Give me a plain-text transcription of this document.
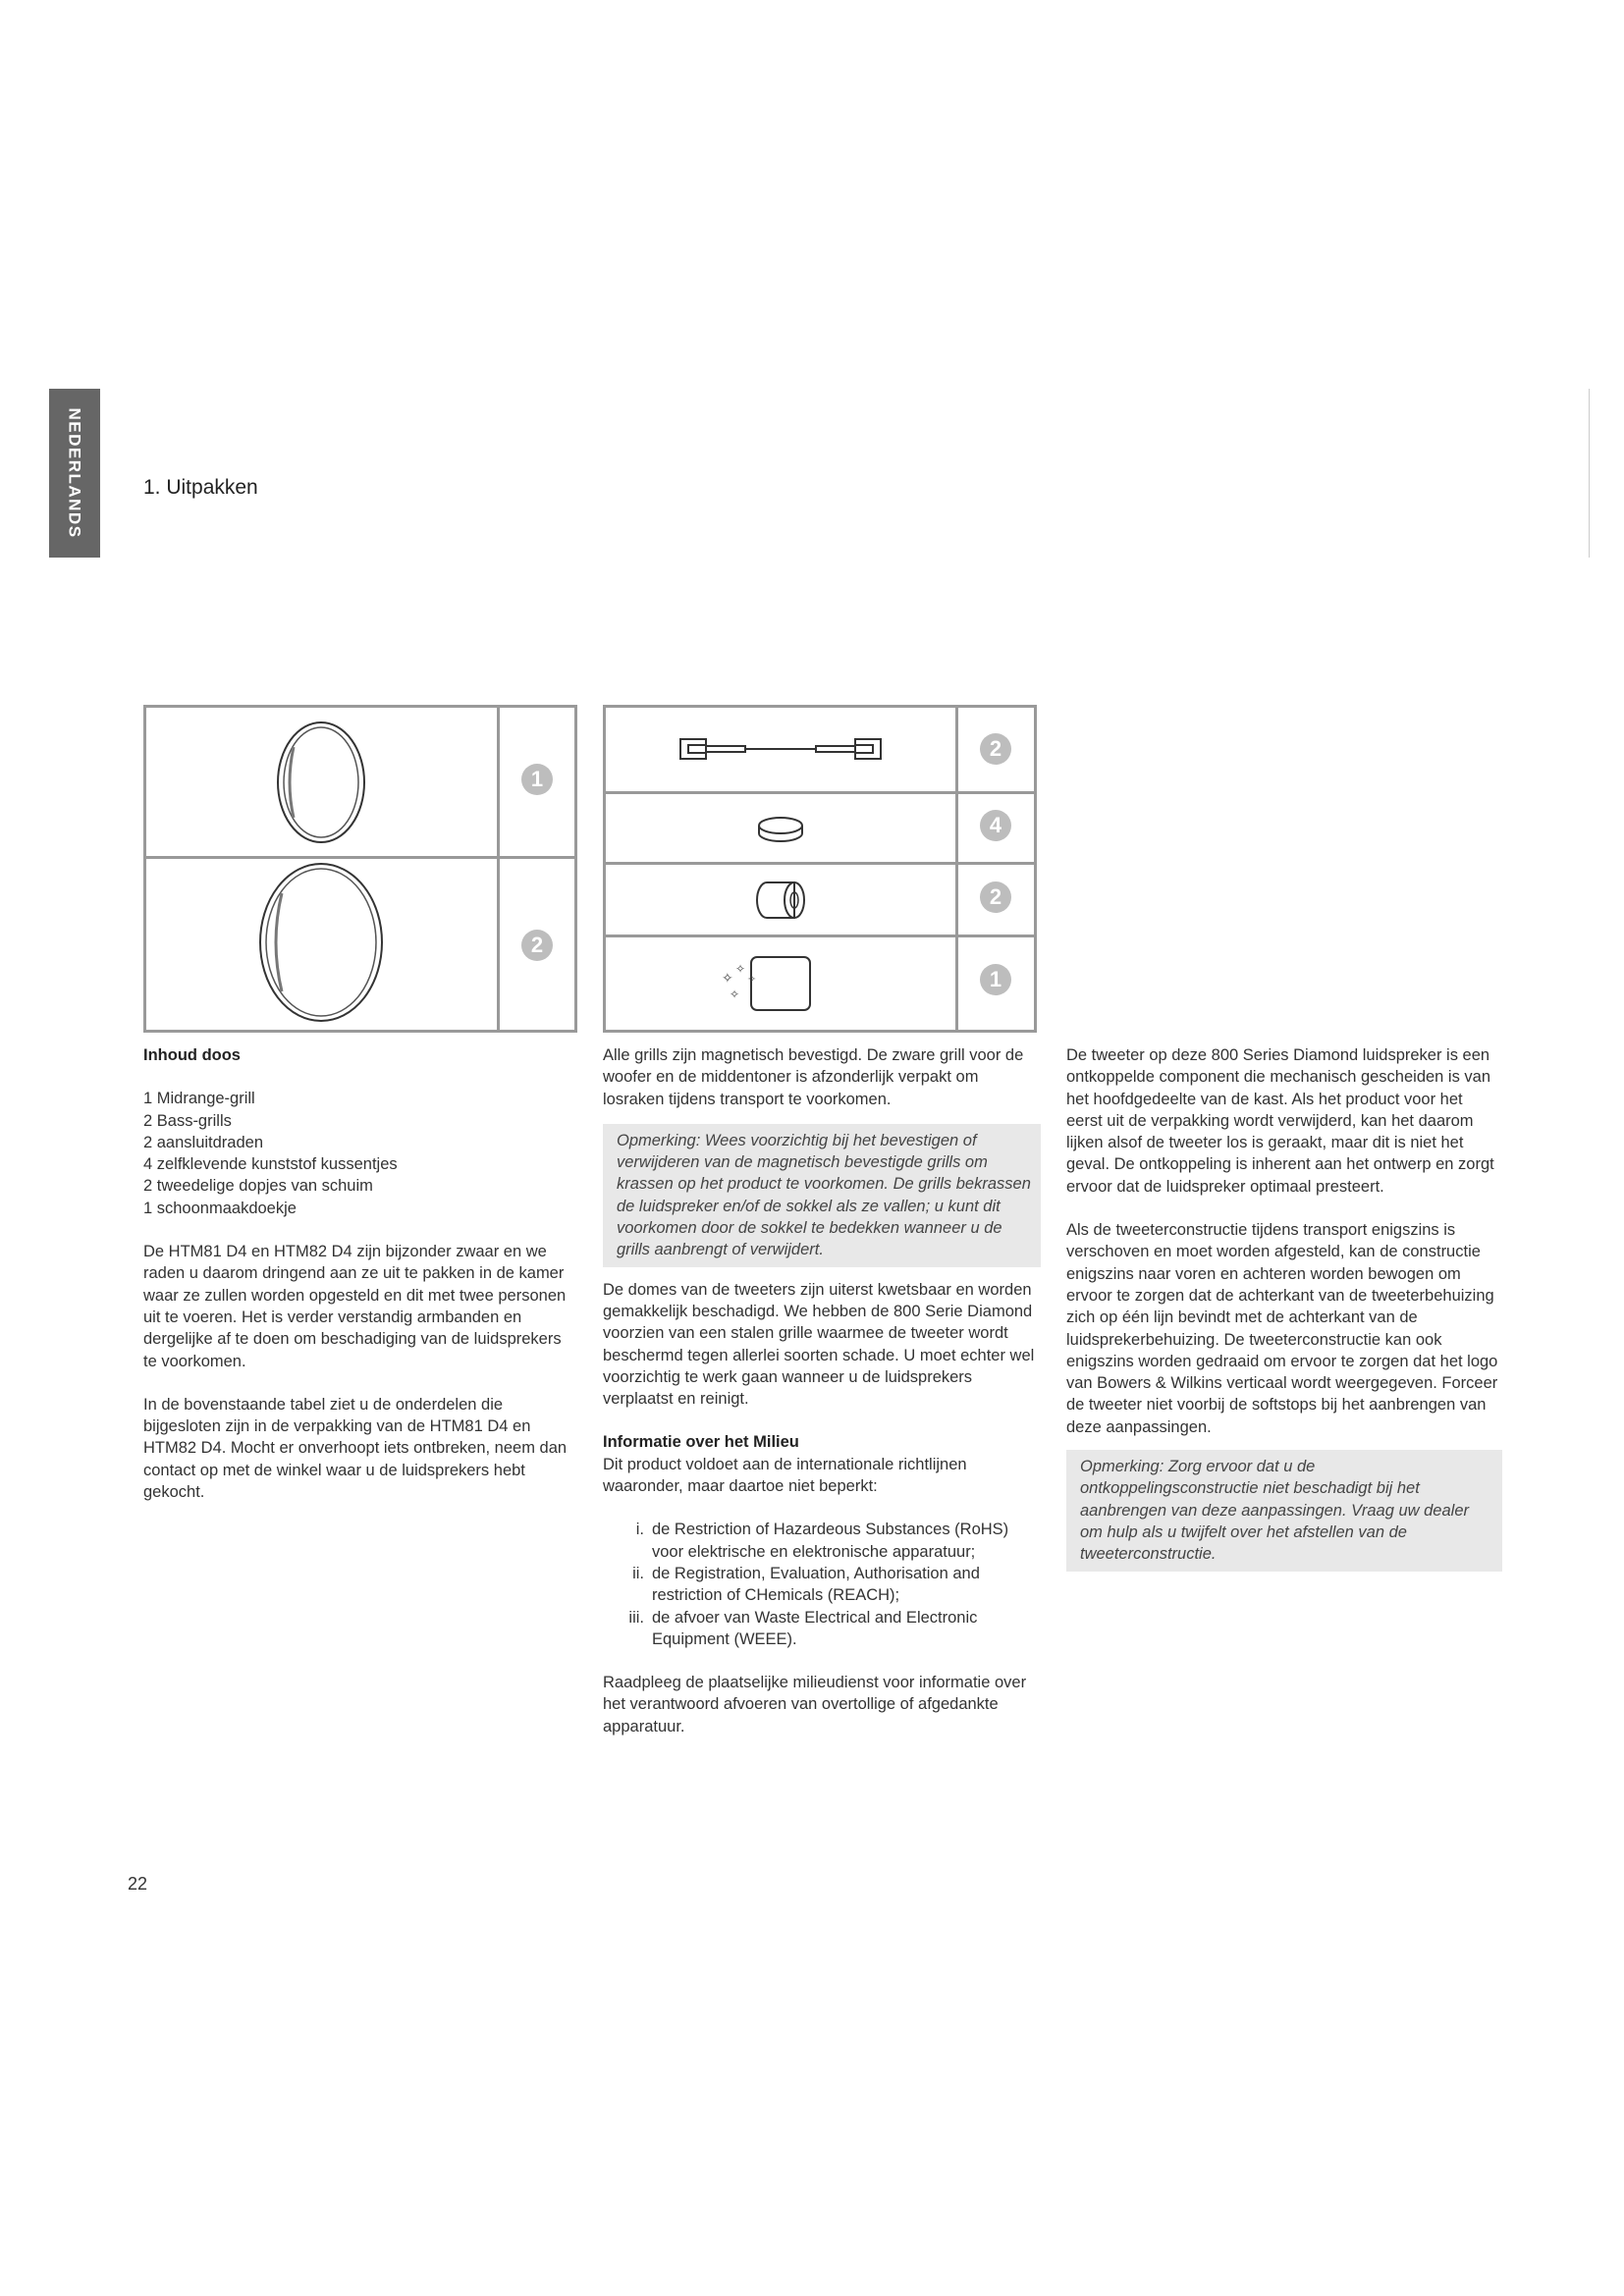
NEDERLANDS	1. Uitpakken
1
2
2
4
2
✧
✧
✧
✧	1

Inhoud doos

1 Midrange-grill

2 Bass-grills

2 aansluitdraden

4 zelfklevende kunststof kussentjes

2 tweedelige dopjes van schuim

1 schoonmaakdoekje

De HTM81 D4 en HTM82 D4 zijn bijzonder zwaar en we raden u daarom dringend aan ze uit te pakken in de kamer waar ze zullen worden opgesteld en dit met twee personen uit te voeren. Het is verder verstandig armbanden en dergelijke af te doen om beschadiging van de luidsprekers te voorkomen.

In de bovenstaande tabel ziet u de onderdelen die bijgesloten zijn in de verpakking van de HTM81 D4 en HTM82 D4. Mocht er onverhoopt iets ontbreken, neem dan contact op met de winkel waar u de luidsprekers hebt gekocht.

Alle grills zijn magnetisch bevestigd. De zware grill voor de woofer en de middentoner is afzonderlijk verpakt om losraken tijdens transport te voorkomen.

Opmerking: Wees voorzichtig bij het bevestigen of verwijderen van de magnetisch bevestigde grills om krassen op het product te voorkomen. De grills bekrassen de luidspreker en/of de sokkel als ze vallen; u kunt dit voorkomen door de sokkel te bedekken wanneer u de grills aanbrengt of verwijdert.

De domes van de tweeters zijn uiterst kwetsbaar en worden gemakkelijk beschadigd. We hebben de 800 Serie Diamond voorzien van een stalen grille waarmee de tweeter wordt beschermd tegen allerlei soorten schade. U moet echter wel voorzichtig te werk gaan wanneer u de luidsprekers verplaatst en reinigt.

Informatie over het Milieu

Dit product voldoet aan de internationale richtlijnen waaronder, maar daartoe niet beperkt:

i. de Restriction of Hazardeous Substances (RoHS) voor elektrische en elektronische apparatuur;
ii. de Registration, Evaluation, Authorisation and restriction of CHemicals (REACH);
iii. de afvoer van Waste Electrical and Electronic Equipment (WEEE).

Raadpleeg de plaatselijke milieudienst voor informatie over het verantwoord afvoeren van overtollige of afgedankte apparatuur.

De tweeter op deze 800 Series Diamond luidspreker is een ontkoppelde component die mechanisch gescheiden is van het hoofdgedeelte van de kast. Als het product voor het eerst uit de verpakking wordt verwijderd, kan het daarom lijken alsof de tweeter los is geraakt, maar dit is niet het geval. De ontkoppeling is inherent aan het ontwerp en zorgt ervoor dat de luidspreker optimaal presteert.

Als de tweeterconstructie tijdens transport enigszins is verschoven en moet worden afgesteld, kan de constructie enigszins naar voren en achteren worden bewogen om ervoor te zorgen dat de achterkant van de tweeterbehuizing zich op één lijn bevindt met de achterkant van de luidsprekerbehuizing. De tweeterconstructie kan ook enigszins worden gedraaid om ervoor te zorgen dat het logo van Bowers & Wilkins verticaal wordt weergegeven. Forceer de tweeter niet voorbij de softstops bij het aanbrengen van deze aanpassingen.

Opmerking: Zorg ervoor dat u de ontkoppelingsconstructie niet beschadigt bij het aanbrengen van deze aanpassingen. Vraag uw dealer om hulp als u twijfelt over het afstellen van de tweeterconstructie.

22
